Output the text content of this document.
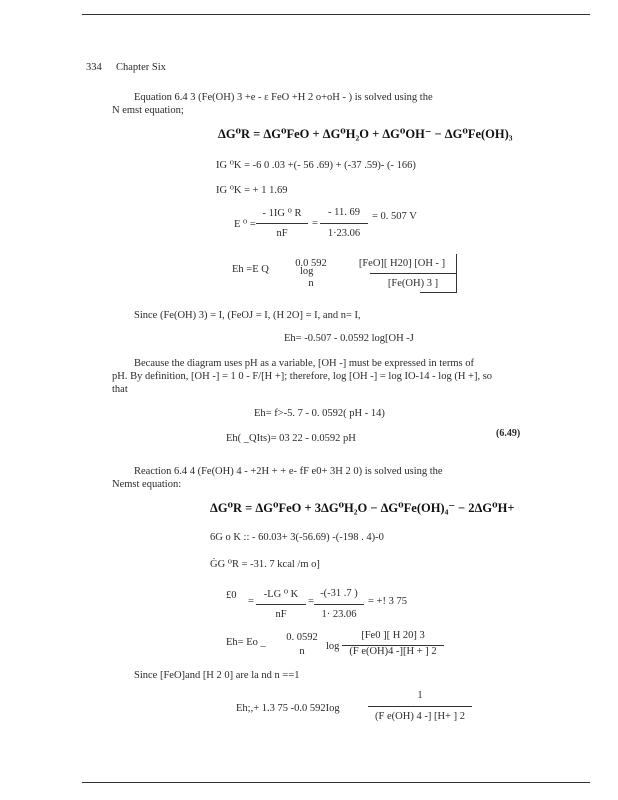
334 Chapter Six
Equation 6.4 3 (Fe(OH) 3 +e - ε FeO +H 2 o+oH - ) is solved using the
N emst equation;
ΔG⁰R = ΔG⁰FeO + ΔG⁰H₂O + ΔG⁰OH⁻ − ΔG⁰Fe(OH)₃
IG ⁰K = -6 0 .03 +(- 56 .69) + (-37 .59)- (- 166)
IG ⁰K = + 1 1.69
E ⁰ =
- 1IG ⁰ R
nF
=
- 11. 69
1·23.06
= 0. 507 V
Eh =E Q
0.0 592
log
n
[FeO][ H20] [OH - ]
[Fe(OH) 3 ]
Since (Fe(OH) 3) = I, (FeOJ = I, (H 2O] = I, and n= I,
Eh= -0.507 - 0.0592 log[OH -J
Because the diagram uses pH as a variable, [OH -] must be expressed in terms of
pH. By definition, [OH -] = 1 0 - F/[H +]; therefore, log [OH -] = log IO-14 - log (H +], so
that
Eh= f>-5. 7 - 0. 0592( pH - 14)
Eh( _QIts)= 03 22 - 0.0592 pH	(6.49)
Reaction 6.4 4 (Fe(OH) 4 - +2H + + e- fF e0+ 3H 2 0) is solved using the
Nemst equation:
ΔG⁰R = ΔG⁰FeO + 3ΔG⁰H₂O − ΔG⁰Fe(OH)₄⁻ − 2ΔG⁰H+
6G o K :: - 60.03+ 3(-56.69) -(-198 . 4)-0
ĠG ⁰R = -31. 7 kcal /m o]
£0
=
-LG ⁰ K
nF
=
-(-31 .7 )
1· 23.06
= +! 3 75
Eh= Eo _	0. 0592
log
n
[Fe0 ][ H 20] 3
(F e(OH)4 -][H + ] 2
Since [FeO]and [H 2 0] are la nd n ==1
Eh;,+ 1.3 75 -0.0 592Iog
1
(F e(OH) 4 -] [H+ ] 2
